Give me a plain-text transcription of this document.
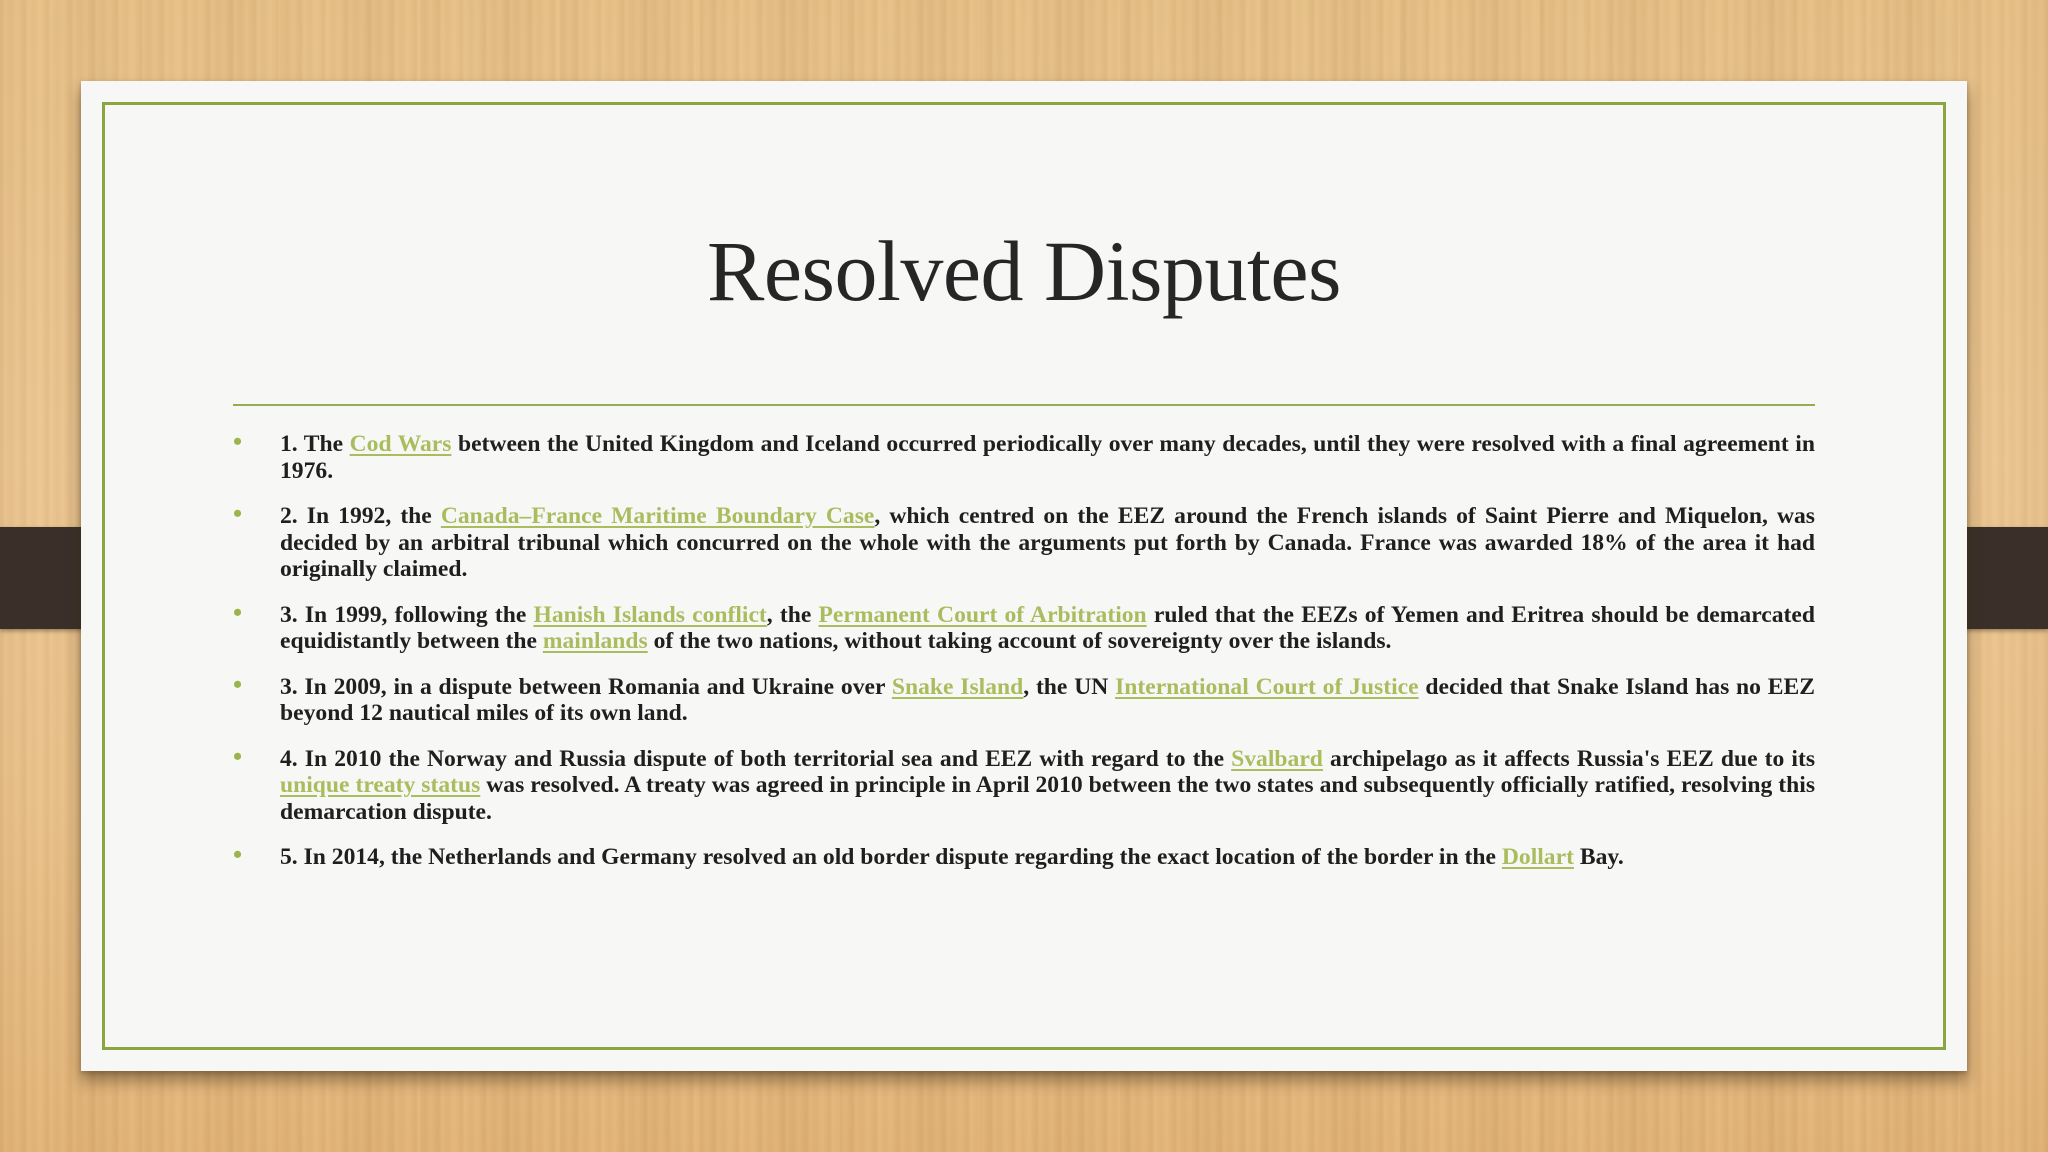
Resolved Disputes
• 1. The Cod Wars between the United Kingdom and Iceland occurred periodically over many decades, until they were resolved with a final agreement in 1976.
• 2. In 1992, the Canada–France Maritime Boundary Case, which centred on the EEZ around the French islands of Saint Pierre and Miquelon, was decided by an arbitral tribunal which concurred on the whole with the arguments put forth by Canada. France was awarded 18% of the area it had originally claimed.
• 3. In 1999, following the Hanish Islands conflict, the Permanent Court of Arbitration ruled that the EEZs of Yemen and Eritrea should be demarcated equidistantly between the mainlands of the two nations, without taking account of sovereignty over the islands.
• 3. In 2009, in a dispute between Romania and Ukraine over Snake Island, the UN International Court of Justice decided that Snake Island has no EEZ beyond 12 nautical miles of its own land.
• 4. In 2010 the Norway and Russia dispute of both territorial sea and EEZ with regard to the Svalbard archipelago as it affects Russia's EEZ due to its unique treaty status was resolved. A treaty was agreed in principle in April 2010 between the two states and subsequently officially ratified, resolving this demarcation dispute.
• 5. In 2014, the Netherlands and Germany resolved an old border dispute regarding the exact location of the border in the Dollart Bay.
